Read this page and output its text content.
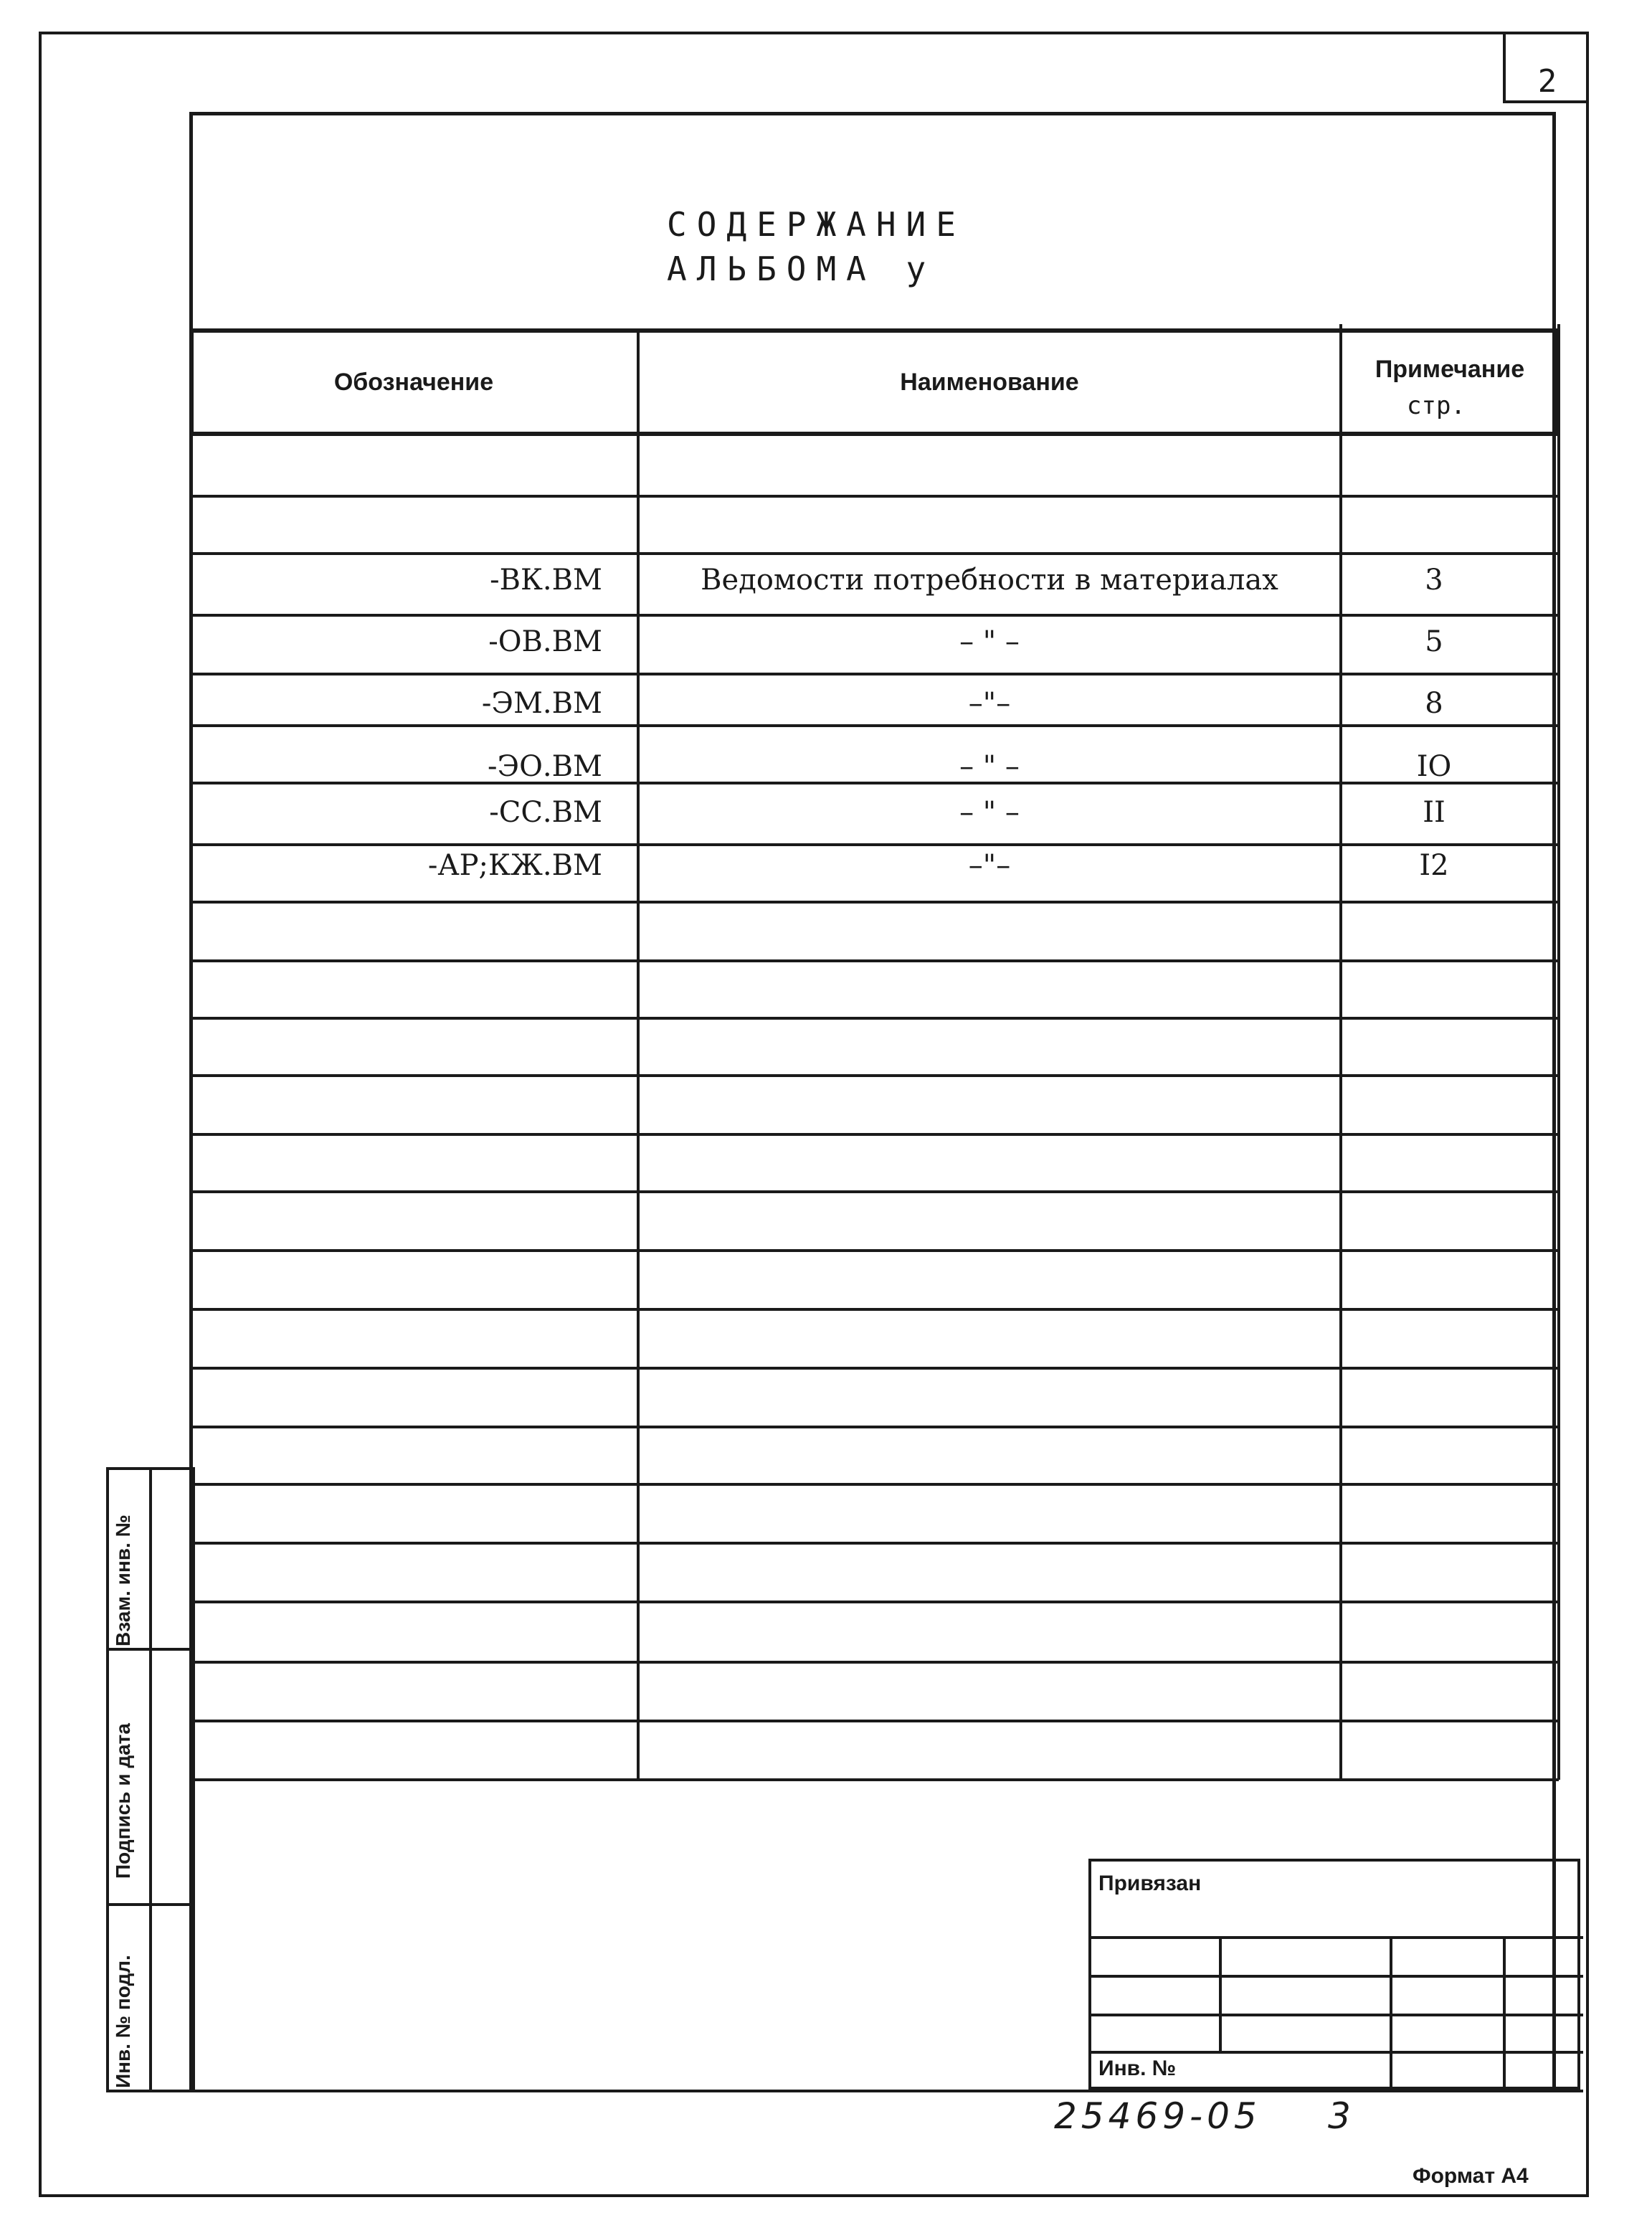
2
СОДЕРЖАНИЕ
АЛЬБОМА у
Обозначение	Наименование	Примечание
стр.
-ВК.ВМ	Ведомости потребности в материалах	3
-ОВ.ВМ	– " –	5
-ЭМ.ВМ	–"–	8
-ЭО.ВМ	– " –	IO
-СС.ВМ	– " –	II
-АР;КЖ.ВМ	–"–	I2
Взам. инв. №
Подпись и дата
Инв. № подл.
Привязан
Инв. №
25469-05 3
Формат А4
